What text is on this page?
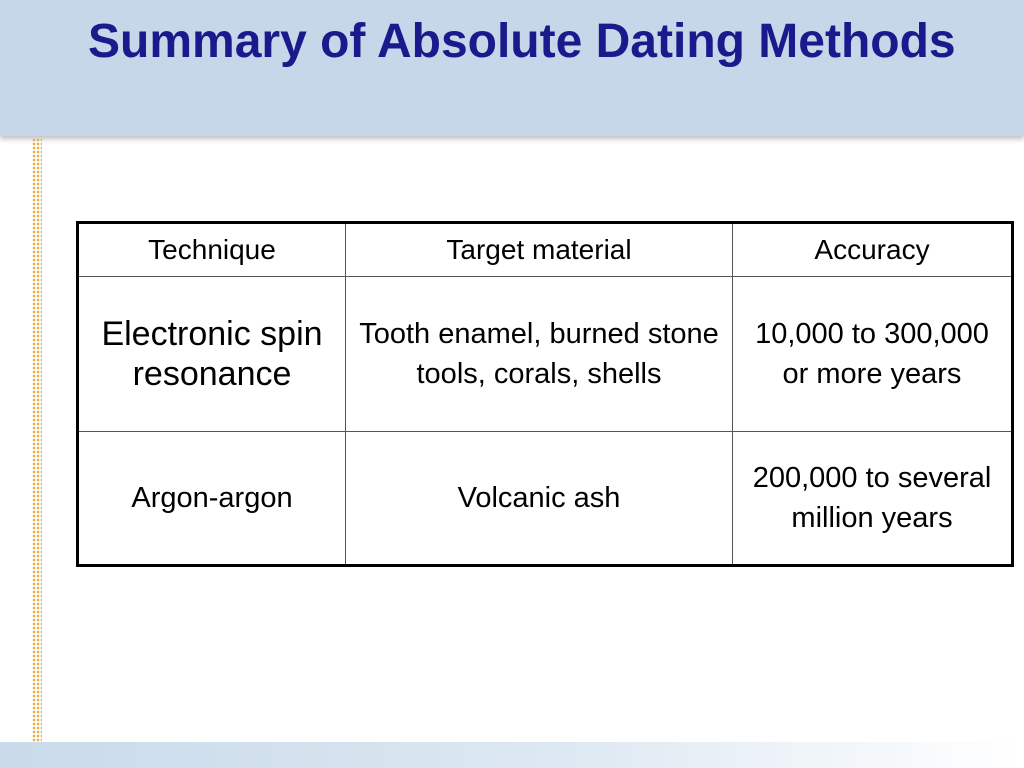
Summary of Absolute Dating Methods
Technique	Target material	Accuracy
Electronic spin resonance	Tooth enamel, burned stone tools, corals, shells	10,000 to 300,000 or more years
Argon-argon	Volcanic ash	200,000 to several million years
